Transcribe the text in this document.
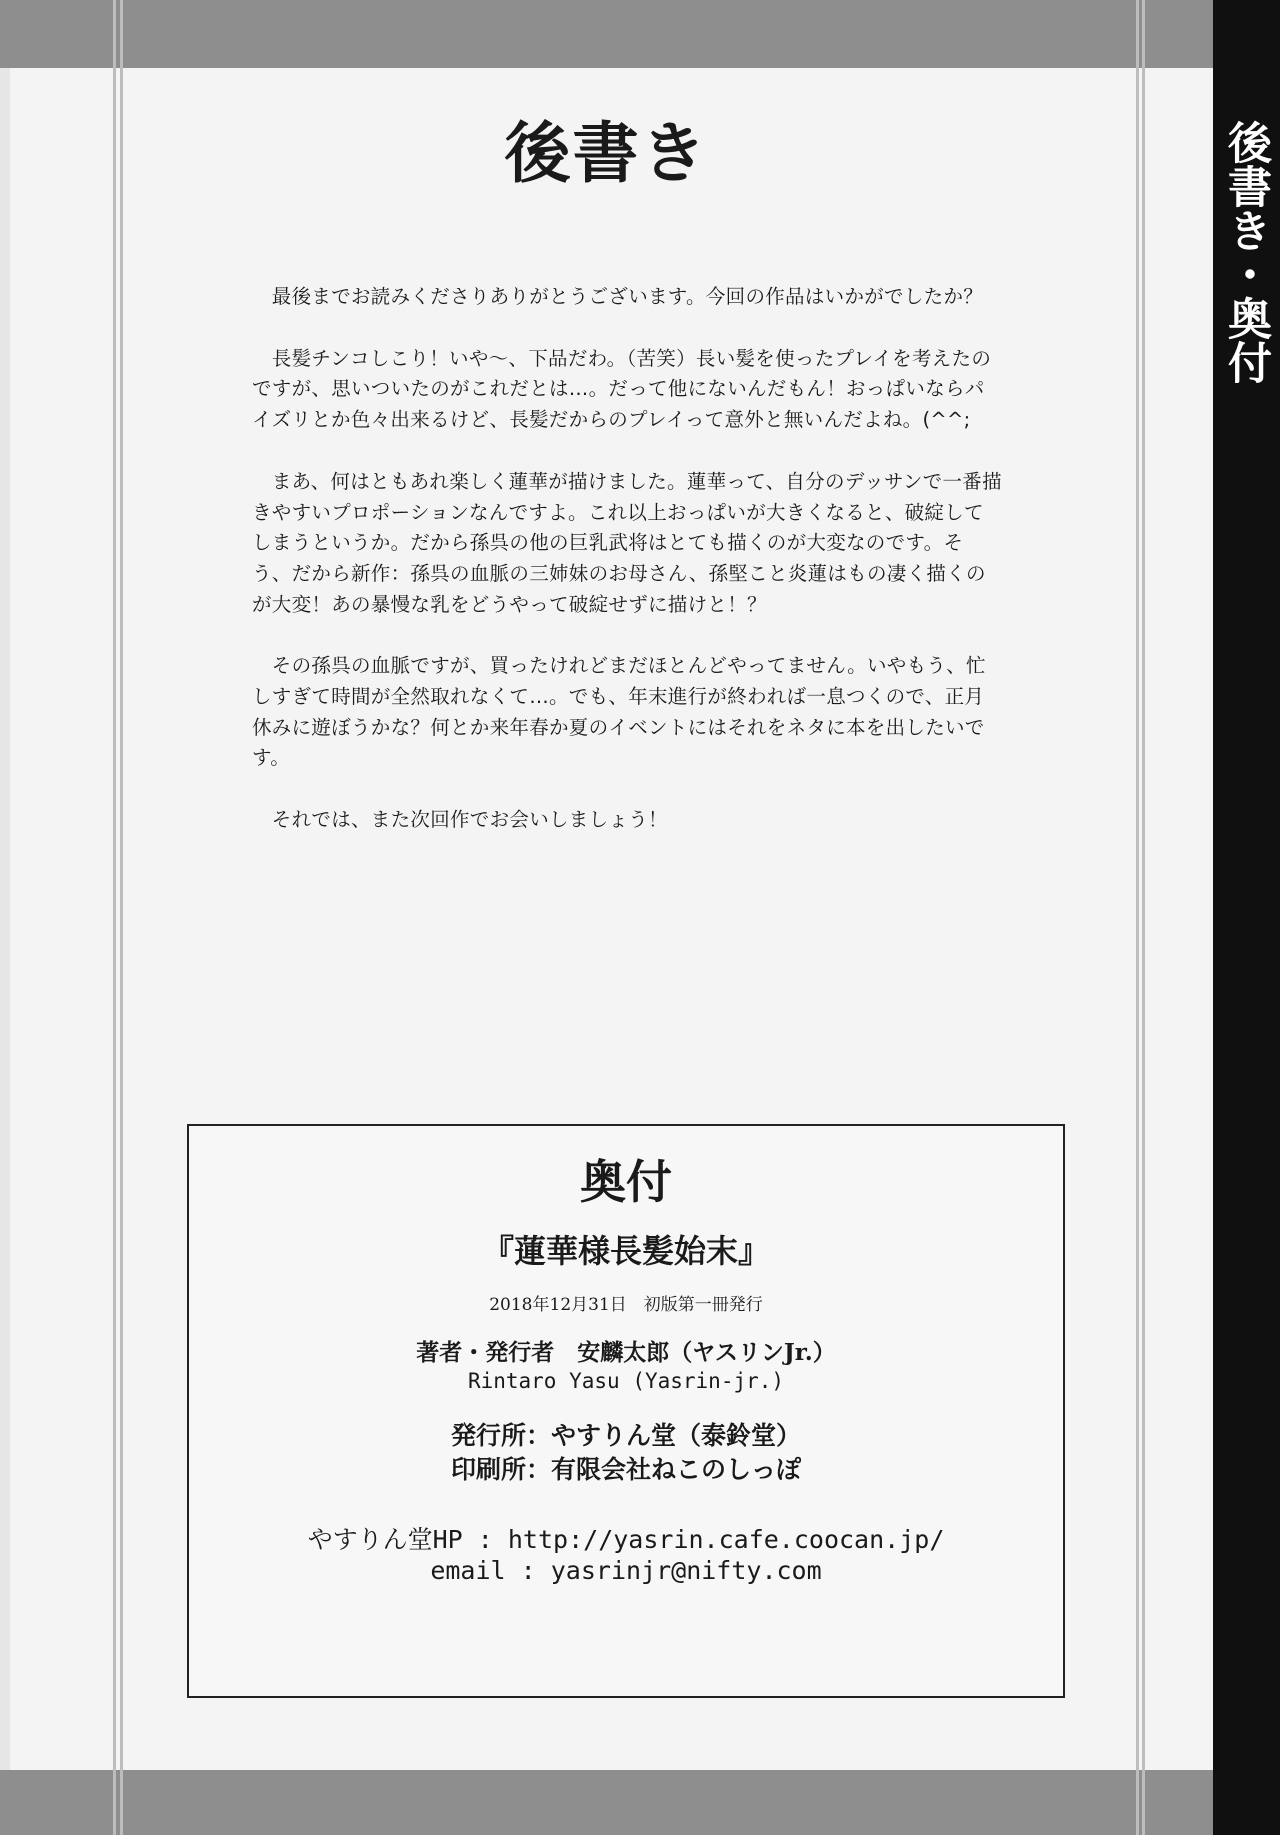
後書き・奥付
後書き

　最後までお読みくださりありがとうございます。今回の作品はいかがでしたか？

　長髪チンコしこり！いや〜、下品だわ。（苦笑）長い髪を使ったプレイを考えたのですが、思いついたのがこれだとは…。だって他にないんだもん！おっぱいならパイズリとか色々出来るけど、長髪だからのプレイって意外と無いんだよね。(^^;

　まあ、何はともあれ楽しく蓮華が描けました。蓮華って、自分のデッサンで一番描きやすいプロポーションなんですよ。これ以上おっぱいが大きくなると、破綻してしまうというか。だから孫呉の他の巨乳武将はとても描くのが大変なのです。そう、だから新作：孫呉の血脈の三姉妹のお母さん、孫堅こと炎蓮はもの凄く描くのが大変！あの暴慢な乳をどうやって破綻せずに描けと！？

　その孫呉の血脈ですが、買ったけれどまだほとんどやってません。いやもう、忙しすぎて時間が全然取れなくて…。でも、年末進行が終われば一息つくので、正月休みに遊ぼうかな？何とか来年春か夏のイベントにはそれをネタに本を出したいです。

　それでは、また次回作でお会いしましょう！

奥付
『蓮華様長髪始末』
2018年12月31日　初版第一冊発行
著者・発行者　安麟太郎（ヤスリンJr.）
Rintaro Yasu (Yasrin-jr.)
発行所：やすりん堂（泰鈴堂）
印刷所：有限会社ねこのしっぽ
やすりん堂HP : http://yasrin.cafe.coocan.jp/
email : yasrinjr@nifty.com
